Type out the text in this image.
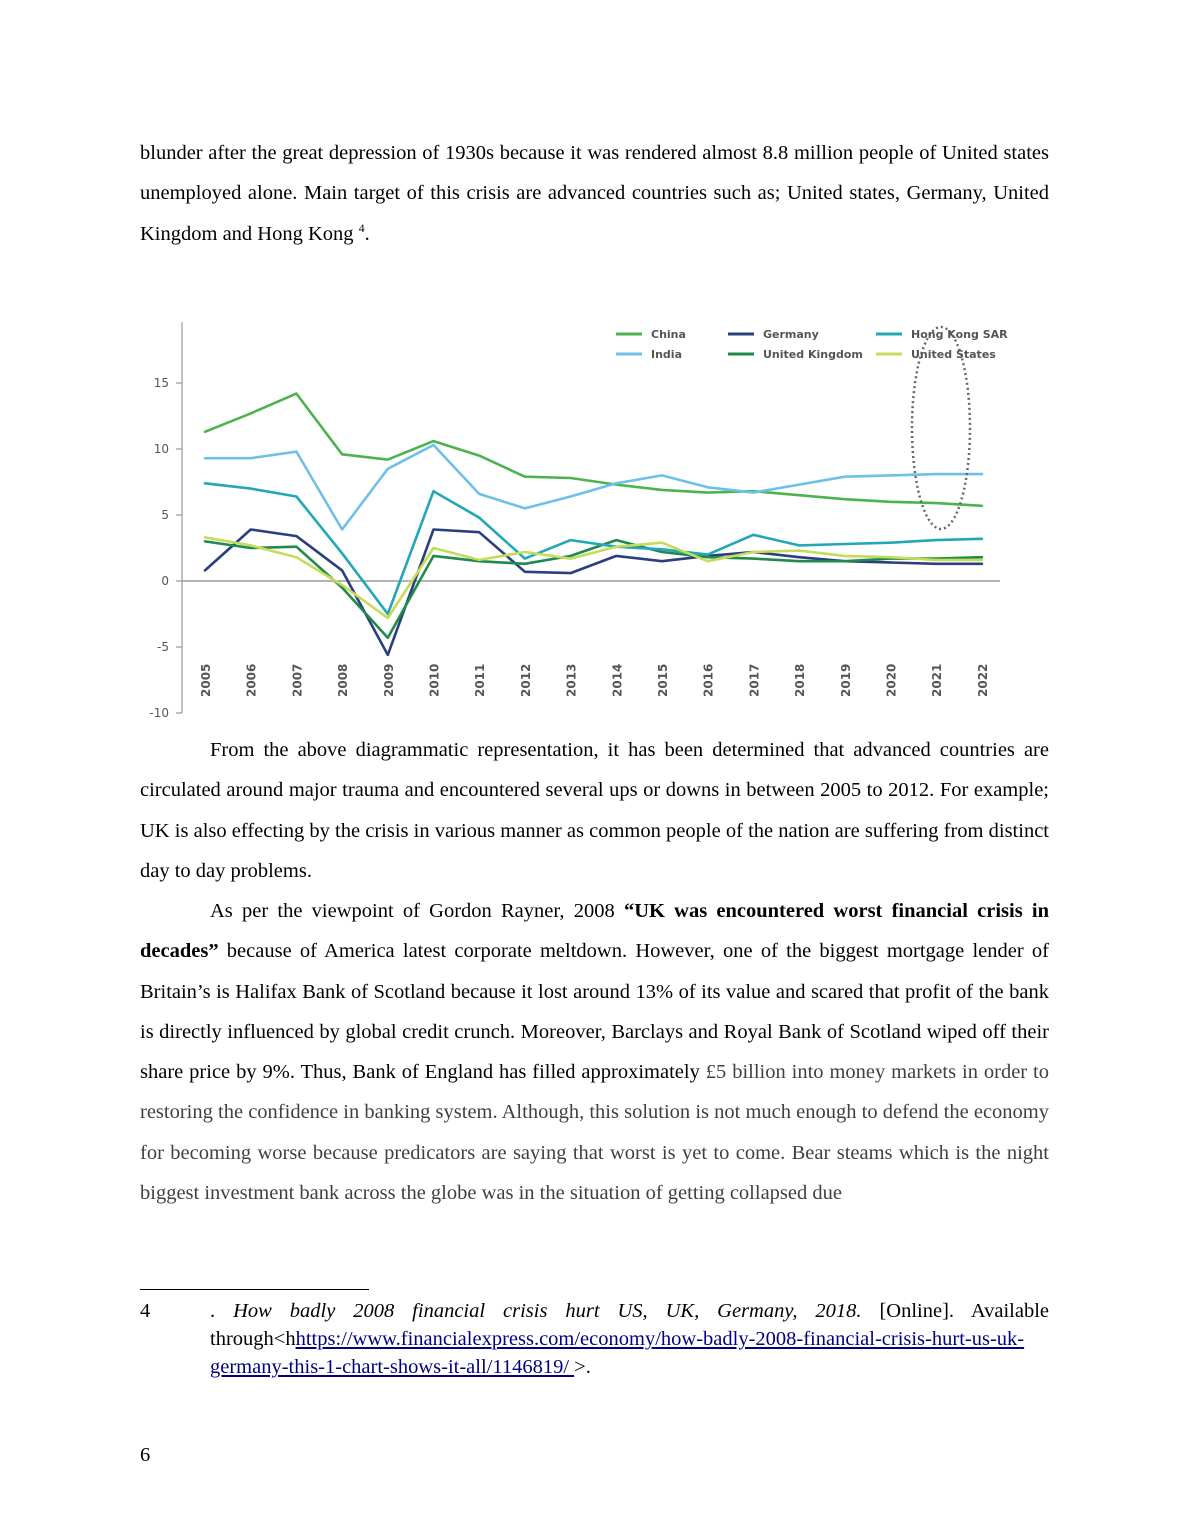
blunder after the great depression of 1930s because it was rendered almost 8.8 million people of United states unemployed alone. Main target of this crisis are advanced countries such as; United states, Germany, United Kingdom and Hong Kong $^4$.

15
10
5
0
-5
-10
2005	2006	2007	2008	2009	2010	2011	2012	2013	2014	2015	2016	2017	2018	2019	2020	2021	2022
China	Germany	Hong Kong SAR
India	United Kingdom	United States

From the above diagrammatic representation, it has been determined that advanced countries are circulated around major trauma and encountered several ups or downs in between 2005 to 2012. For example; UK is also effecting by the crisis in various manner as common people of the nation are suffering from distinct day to day problems.

As per the viewpoint of Gordon Rayner, 2008 “UK was encountered worst financial crisis in decades” because of America latest corporate meltdown. However, one of the biggest mortgage lender of Britain’s is Halifax Bank of Scotland because it lost around 13% of its value and scared that profit of the bank is directly influenced by global credit crunch. Moreover, Barclays and Royal Bank of Scotland wiped off their share price by 9%. Thus, Bank of England has filled approximately £5 billion into money markets in order to restoring the confidence in banking system. Although, this solution is not much enough to defend the economy for becoming worse because predicators are saying that worst is yet to come. Bear steams which is the night biggest investment bank across the globe was in the situation of getting collapsed due

4	. How badly 2008 financial crisis hurt US, UK, Germany, 2018. [Online]. Available through<hhttps://www.financialexpress.com/economy/how-badly-2008-financial-crisis-hurt-us-uk-germany-this-1-chart-shows-it-all/1146819/ >.
6
